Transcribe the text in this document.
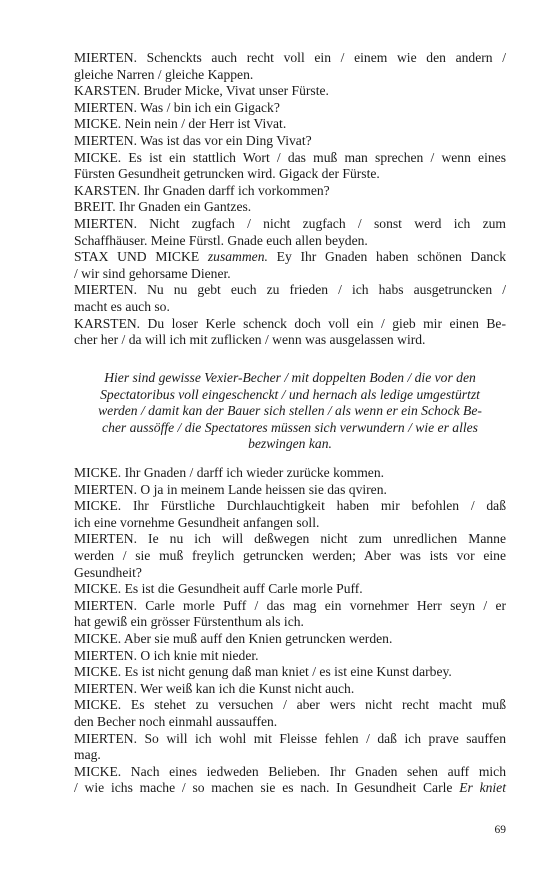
MIERTEN. Schenckts auch recht voll ein / einem wie den andern /

gleiche Narren / gleiche Kappen.

KARSTEN. Bruder Micke, Vivat unser Fürste.

MIERTEN. Was / bin ich ein Gigack?

MICKE. Nein nein / der Herr ist Vivat.

MIERTEN. Was ist das vor ein Ding Vivat?

MICKE. Es ist ein stattlich Wort / das muß man sprechen / wenn eines

Fürsten Gesundheit getruncken wird. Gigack der Fürste.

KARSTEN. Ihr Gnaden darff ich vorkommen?

BREIT. Ihr Gnaden ein Gantzes.

MIERTEN. Nicht zugfach / nicht zugfach / sonst werd ich zum

Schaffhäuser. Meine Fürstl. Gnade euch allen beyden.

STAX UND MICKE zusammen. Ey Ihr Gnaden haben schönen Danck

/ wir sind gehorsame Diener.

MIERTEN. Nu nu gebt euch zu frieden / ich habs ausgetruncken /

macht es auch so.

KARSTEN. Du loser Kerle schenck doch voll ein / gieb mir einen Be-

cher her / da will ich mit zuflicken / wenn was ausgelassen wird.

Hier sind gewisse Vexier-Becher / mit doppelten Boden / die vor den

Spectatoribus voll eingeschenckt / und hernach als ledige umgestürtzt

werden / damit kan der Bauer sich stellen / als wenn er ein Schock Be-

cher aussöffe / die Spectatores müssen sich verwundern / wie er alles

bezwingen kan.

MICKE. Ihr Gnaden / darff ich wieder zurücke kommen.

MIERTEN. O ja in meinem Lande heissen sie das qviren.

MICKE. Ihr Fürstliche Durchlauchtigkeit haben mir befohlen / daß

ich eine vornehme Gesundheit anfangen soll.

MIERTEN. Ie nu ich will deßwegen nicht zum unredlichen Manne

werden / sie muß freylich getruncken werden; Aber was ists vor eine

Gesundheit?

MICKE. Es ist die Gesundheit auff Carle morle Puff.

MIERTEN. Carle morle Puff / das mag ein vornehmer Herr seyn / er

hat gewiß ein grösser Fürstenthum als ich.

MICKE. Aber sie muß auff den Knien getruncken werden.

MIERTEN. O ich knie mit nieder.

MICKE. Es ist nicht genung daß man kniet / es ist eine Kunst darbey.

MIERTEN. Wer weiß kan ich die Kunst nicht auch.

MICKE. Es stehet zu versuchen / aber wers nicht recht macht muß

den Becher noch einmahl aussauffen.

MIERTEN. So will ich wohl mit Fleisse fehlen / daß ich prave sauffen

mag.

MICKE. Nach eines iedweden Belieben. Ihr Gnaden sehen auff mich

/ wie ichs mache / so machen sie es nach. In Gesundheit Carle Er kniet

69
